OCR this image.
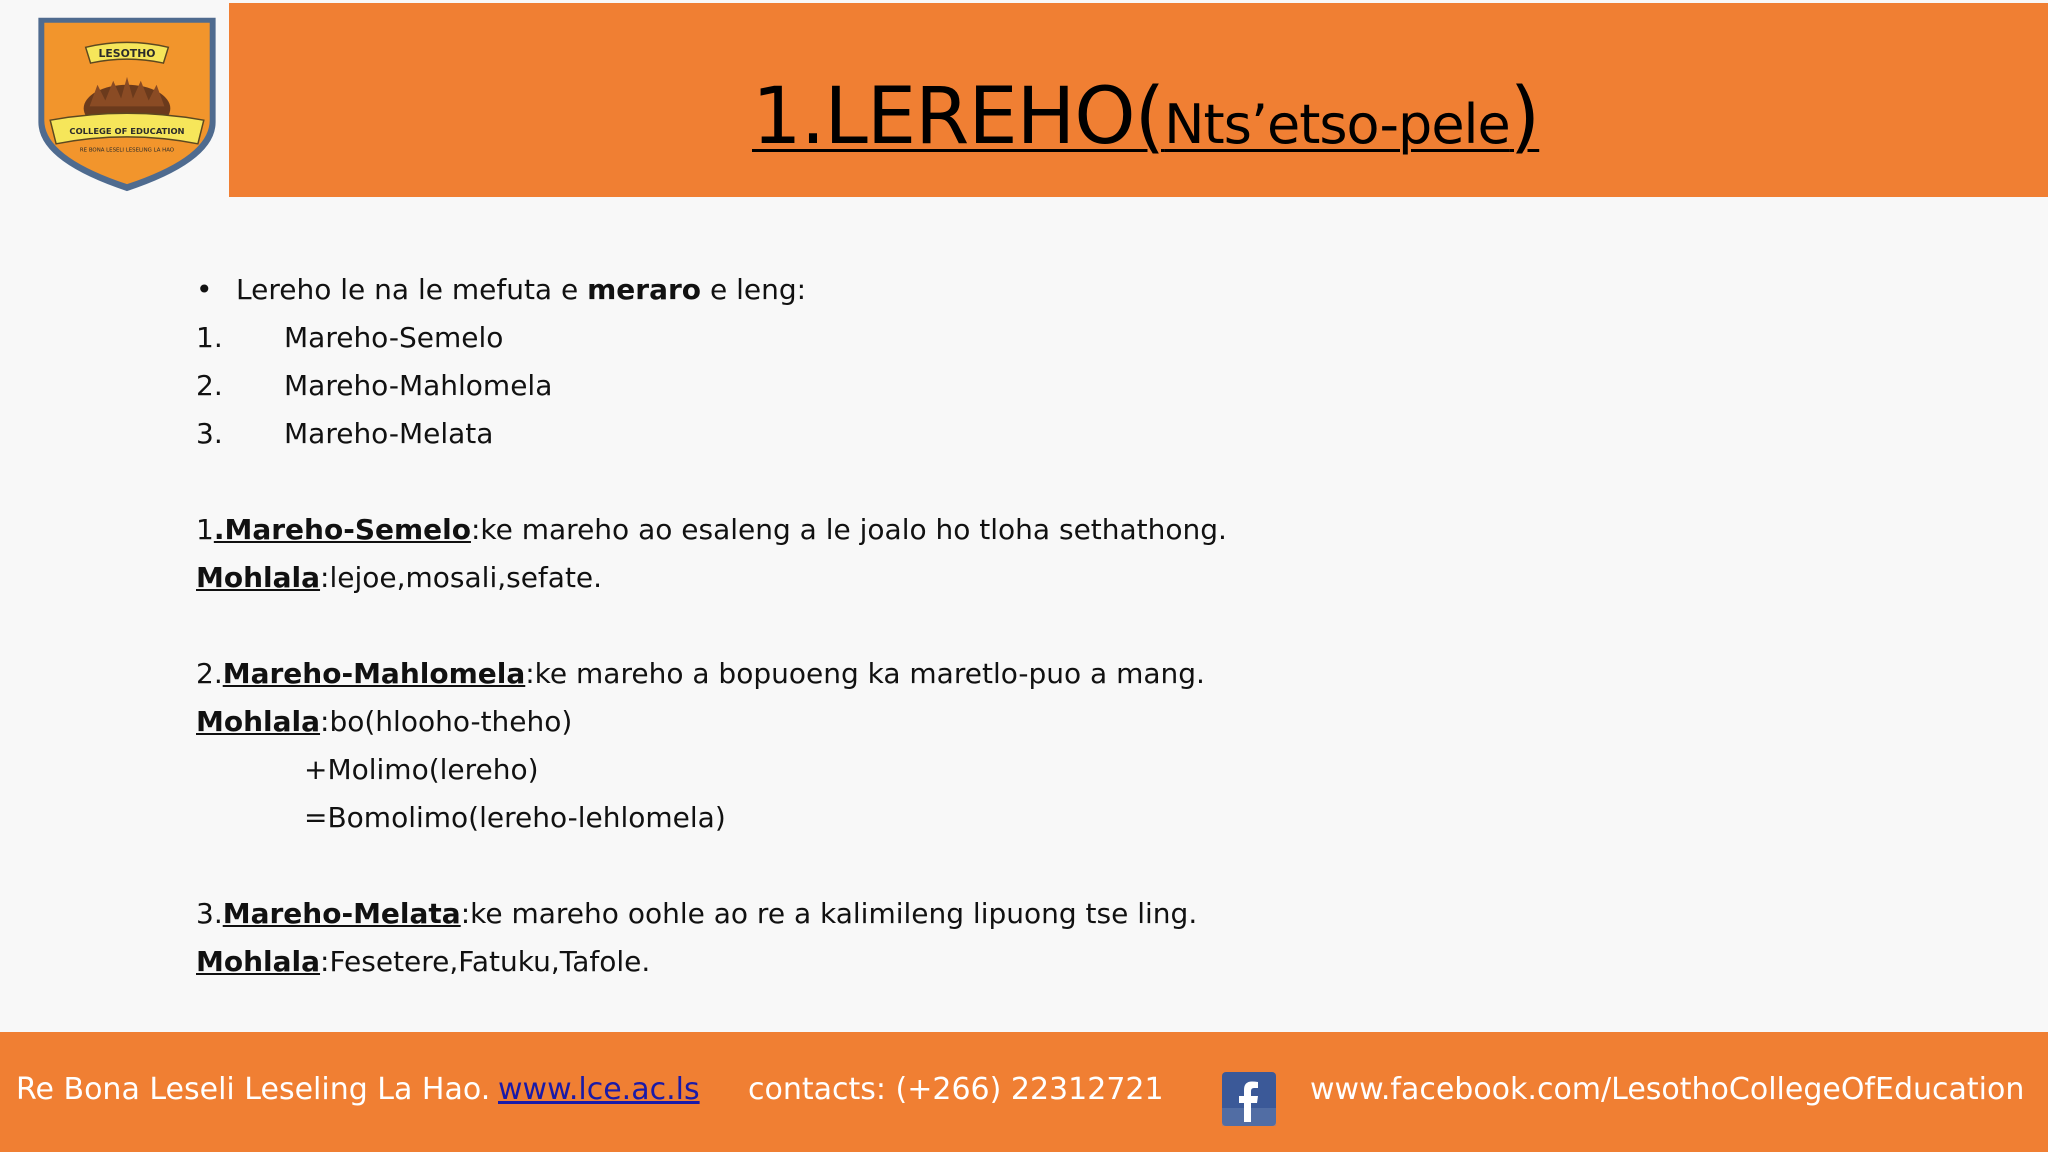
LESOTHO
COLLEGE OF EDUCATION
RE BONA LESELI LESELING LA HAO	1.LEREHO(Nts’etso-pele)
• Lereho le na le mefuta e meraro e leng:
1. Mareho-Semelo
2. Mareho-Mahlomela
3. Mareho-Melata
1.Mareho-Semelo:ke mareho ao esaleng a le joalo ho tloha sethathong.
Mohlala:lejoe,mosali,sefate.
2.Mareho-Mahlomela:ke mareho a bopuoeng ka maretlo-puo a mang.
Mohlala:bo(hlooho-theho)
+Molimo(lereho)
=Bomolimo(lereho-lehlomela)
3.Mareho-Melata:ke mareho oohle ao re a kalimileng lipuong tse ling.
Mohlala:Fesetere,Fatuku,Tafole.
Re Bona Leseli Leseling La Hao. www.lce.ac.ls contacts: (+266) 22312721	www.facebook.com/LesothoCollegeOfEducation
